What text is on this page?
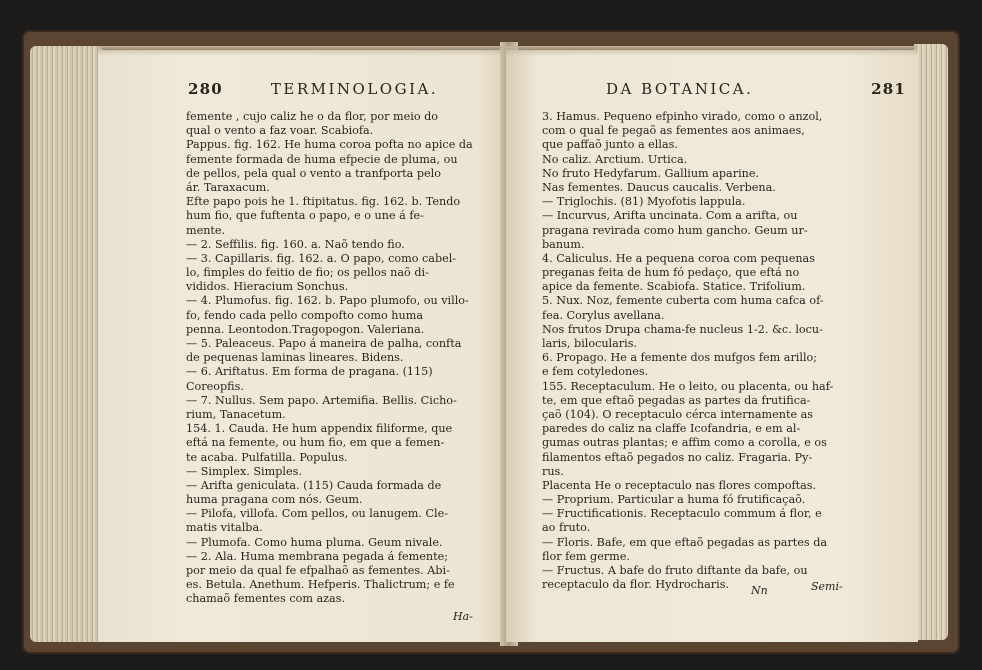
280	TERMINOLOGIA.
femente , cujo caliz he o da flor, por meio do
qual o vento a faz voar. Scabiofa.
Pappus. fig. 162. He huma coroa pofta no apice da
femente formada de huma efpecie de pluma, ou
de pellos, pela qual o vento a tranfporta pelo
ár. Taraxacum.
Efte papo pois he 1. ftipitatus. fig. 162. b. Tendo
hum fio, que fuftenta o papo, e o une á fe-
mente.
— 2. Seffilis. fig. 160. a. Naõ tendo fio.
— 3. Capillaris. fig. 162. a. O papo, como cabel-
lo, fimples do feitio de fio; os pellos naõ di-
vididos. Hieracium Sonchus.
— 4. Plumofus. fig. 162. b. Papo plumofo, ou villo-
fo, fendo cada pello compofto como huma
penna. Leontodon.Tragopogon. Valeriana.
— 5. Paleaceus. Papo á maneira de palha, confta
de pequenas laminas lineares. Bidens.
— 6. Ariftatus. Em forma de pragana. (115)
Coreopfis.
— 7. Nullus. Sem papo. Artemifia. Bellis. Cicho-
rium, Tanacetum.
154. 1. Cauda. He hum appendix filiforme, que
eftá na femente, ou hum fio, em que a femen-
te acaba. Pulfatilla. Populus.
— Simplex. Simples.
— Arifta geniculata. (115) Cauda formada de
huma pragana com nós. Geum.
— Pilofa, villofa. Com pellos, ou lanugem. Cle-
matis vitalba.
— Plumofa. Como huma pluma. Geum nivale.
— 2. Ala. Huma membrana pegada á femente;
por meio da qual fe efpalhaõ as fementes. Abi-
es. Betula. Anethum. Hefperis. Thalictrum; e fe
chamaõ fementes com azas.
Ha-
DA BOTANICA.	281
3. Hamus. Pequeno efpinho virado, como o anzol,
com o qual fe pegaõ as fementes aos animaes,
que paffaõ junto a ellas.
No caliz. Arctium. Urtica.
No fruto Hedyfarum. Gallium aparine.
Nas fementes. Daucus caucalis. Verbena.
— Triglochis. (81) Myofotis lappula.
— Incurvus, Arifta uncinata. Com a arifta, ou
pragana revirada como hum gancho. Geum ur-
banum.
4. Caliculus. He a pequena coroa com pequenas
preganas feita de hum fó pedaço, que eftá no
apice da femente. Scabiofa. Statice. Trifolium.
5. Nux. Noz, femente cuberta com huma cafca of-
fea. Corylus avellana.
Nos frutos Drupa chama-fe nucleus 1-2. &c. locu-
laris, bilocularis.
6. Propago. He a femente dos mufgos fem arillo;
e fem cotyledones.
155. Receptaculum. He o leito, ou placenta, ou haf-
te, em que eftaõ pegadas as partes da frutifica-
çaõ (104). O receptaculo cérca internamente as
paredes do caliz na claffe Icofandria, e em al-
gumas outras plantas; e affim como a corolla, e os
filamentos eftaõ pegados no caliz. Fragaria. Py-
rus.
Placenta He o receptaculo nas flores compoftas.
— Proprium. Particular a huma fó frutificaçaõ.
— Fructificationis. Receptaculo commum á flor, e
ao fruto.
— Floris. Bafe, em que eftaõ pegadas as partes da
flor fem germe.
— Fructus. A bafe do fruto diftante da bafe, ou
receptaculo da flor. Hydrocharis.	Nn	Semi-
